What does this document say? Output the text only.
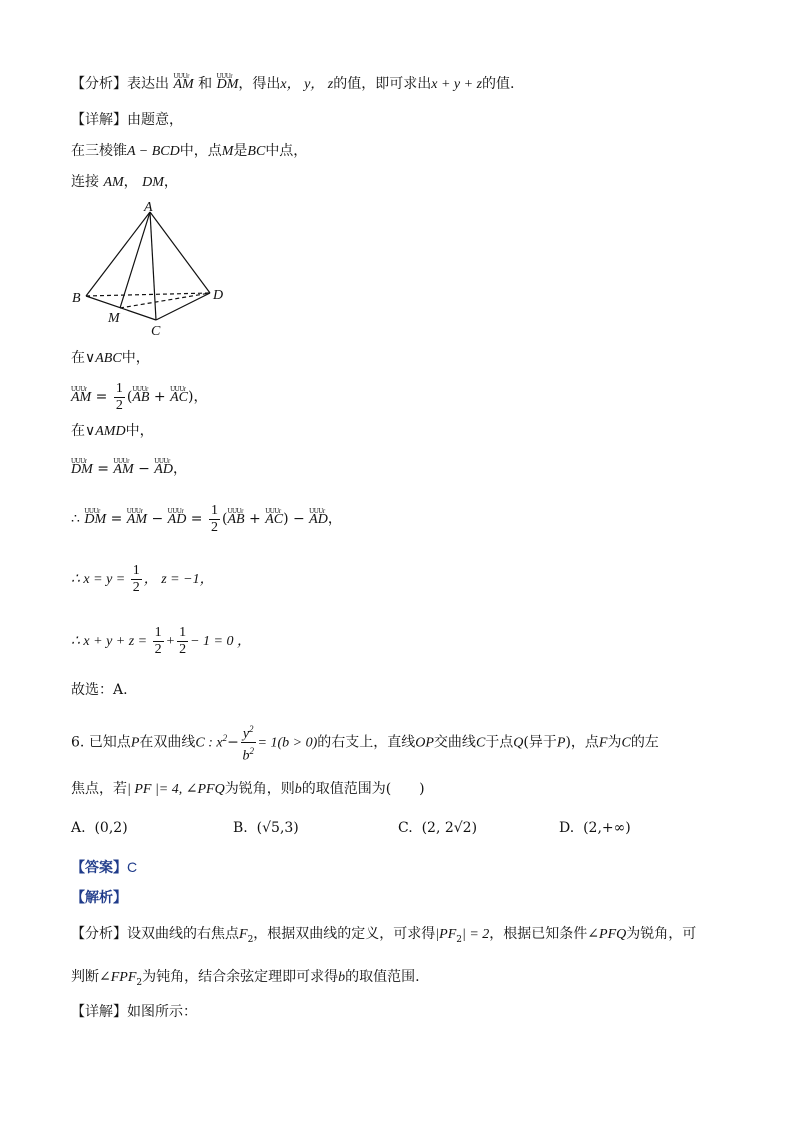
【分析】表达出 UUUr AM 和 UUUr DM，得出x， y， z的值，即可求出x + y + z的值.
【详解】由题意，
在三棱锥A − BCD中，点M是BC中点，
连接 AM， DM，
A
B
C
D
M
在∨ABC中，
UUUr AM = $\frac{1}{2}$ (UUUr AB + UUUr AC)，
在∨AMD中，
UUUr DM = UUUr AM − UUUr AD，
∴ UUUr DM = UUUr AM − UUUr AD = $\frac{1}{2}$ (UUUr AB + UUUr AC) − UUUr AD，
∴ $x = y = \frac{1}{2}$ ， z = −1，
∴ $x + y + z = \frac{1}{2} + \frac{1}{2} - 1 = 0$ ，
故选：A.
6. 已知点P在双曲线C : $x^2- \frac{y^2}{b^2} = 1(b > 0)$的右支上，直线OP交曲线C于点Q(异于P)，点F为C的左
焦点，若| PF |= 4, ∠PFQ为锐角，则b的取值范围为(　　)
A. (0,2)	B. (√5,3)	C. (2, 2√2)	D. (2,+∞)
【答案】C
【解析】
【分析】设双曲线的右焦点$F_2$，根据双曲线的定义，可求得$|PF_2| = 2$，根据已知条件∠PFQ为锐角，可
判断$\angle FPF_2$为钝角，结合余弦定理即可求得b的取值范围.
【详解】如图所示：
